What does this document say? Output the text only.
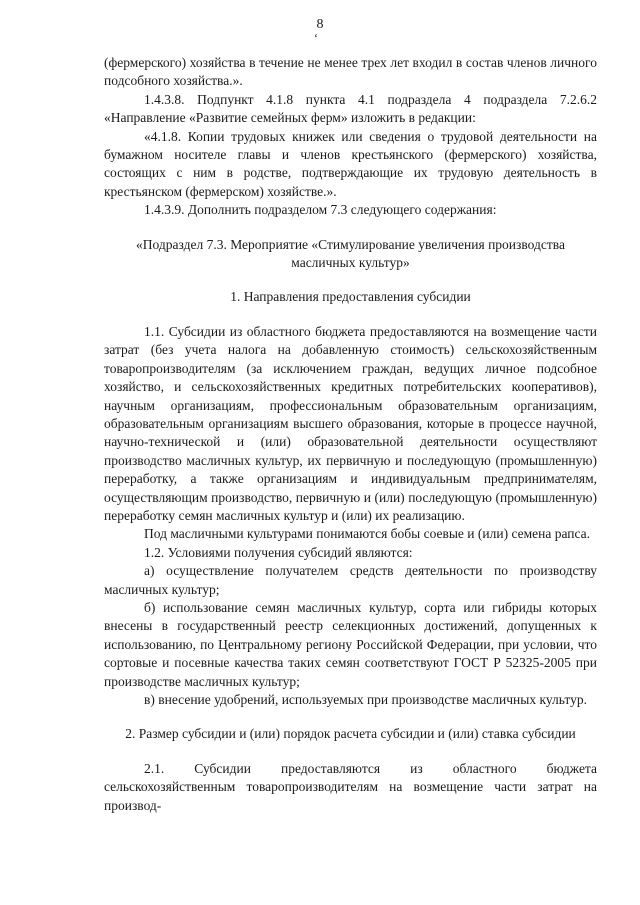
8
ʻ

(фермерского) хозяйства в течение не менее трех лет входил в состав членов личного подсобного хозяйства.».

1.4.3.8. Подпункт 4.1.8 пункта 4.1 подраздела 4 подраздела 7.2.6.2 «Направление «Развитие семейных ферм» изложить в редакции:

«4.1.8. Копии трудовых книжек или сведения о трудовой деятельности на бумажном носителе главы и членов крестьянского (фермерского) хозяйства, состоящих с ним в родстве, подтверждающие их трудовую деятельность в крестьянском (фермерском) хозяйстве.».

1.4.3.9. Дополнить подразделом 7.3 следующего содержания:

«Подраздел 7.3. Мероприятие «Стимулирование увеличения производства масличных культур»

1. Направления предоставления субсидии

1.1. Субсидии из областного бюджета предоставляются на возмещение части затрат (без учета налога на добавленную стоимость) сельскохозяйственным товаропроизводителям (за исключением граждан, ведущих личное подсобное хозяйство, и сельскохозяйственных кредитных потребительских кооперативов), научным организациям, профессиональным образовательным организациям, образовательным организациям высшего образования, которые в процессе научной, научно-технической и (или) образовательной деятельности осуществляют производство масличных культур, их первичную и последующую (промышленную) переработку, а также организациям и индивидуальным предпринимателям, осуществляющим производство, первичную и (или) последующую (промышленную) переработку семян масличных культур и (или) их реализацию.

Под масличными культурами понимаются бобы соевые и (или) семена рапса.

1.2. Условиями получения субсидий являются:

а) осуществление получателем средств деятельности по производству масличных культур;

б) использование семян масличных культур, сорта или гибриды которых внесены в государственный реестр селекционных достижений, допущенных к использованию, по Центральному региону Российской Федерации, при условии, что сортовые и посевные качества таких семян соответствуют ГОСТ Р 52325-2005 при производстве масличных культур;

в) внесение удобрений, используемых при производстве масличных культур.

2. Размер субсидии и (или) порядок расчета субсидии и (или) ставка субсидии

2.1. Субсидии предоставляются из областного бюджета сельскохозяйственным товаропроизводителям на возмещение части затрат на производ-
